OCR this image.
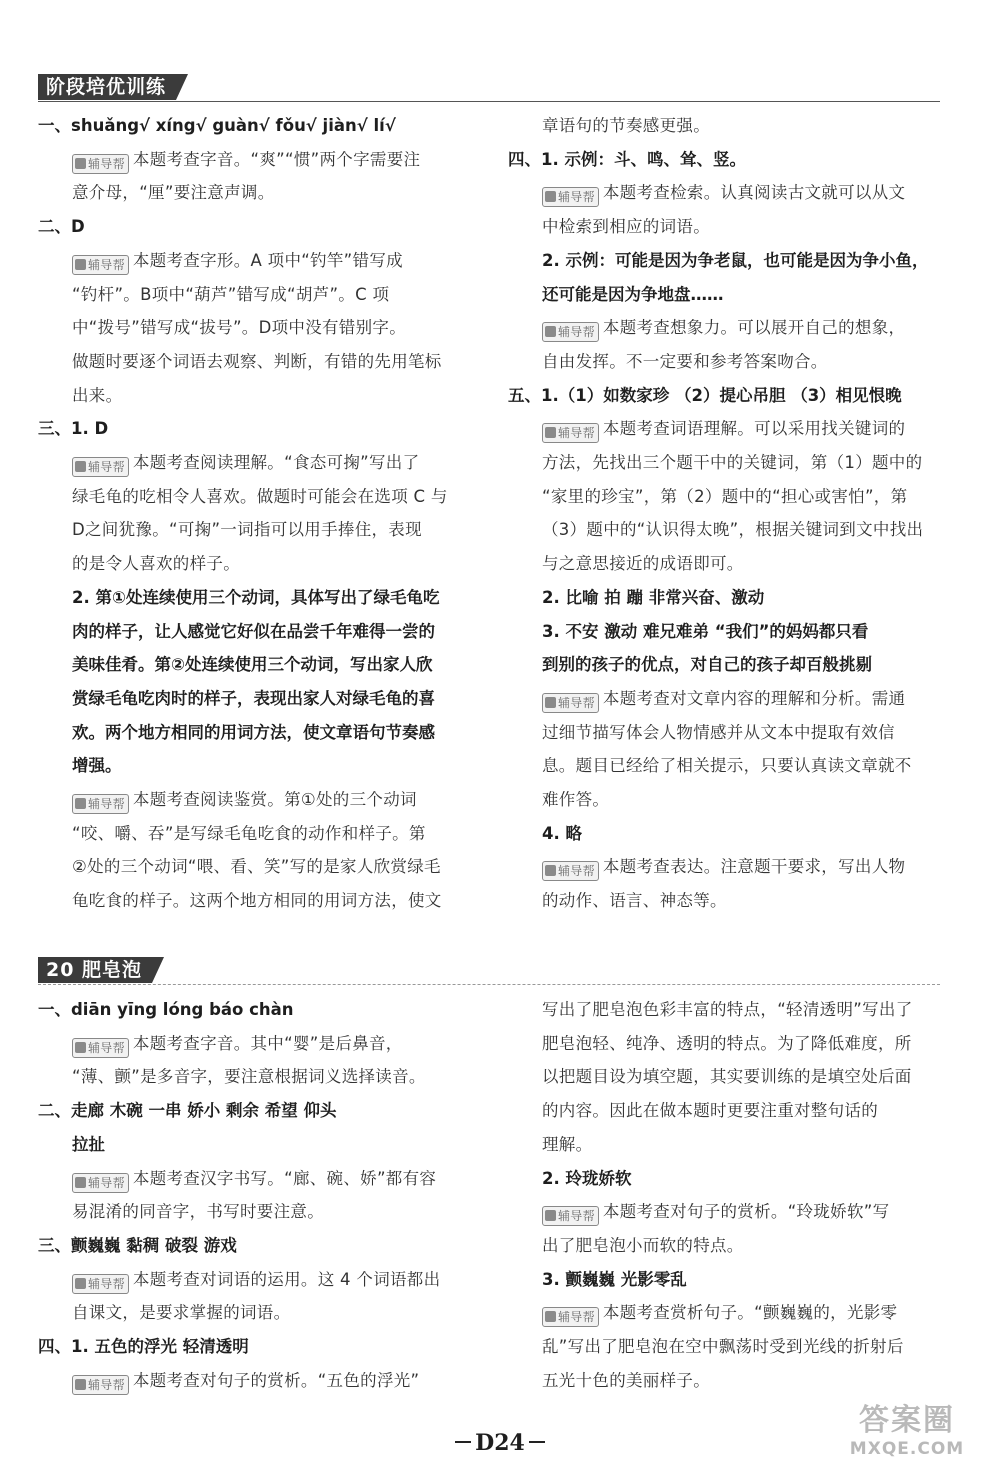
阶段培优训练
一、shuǎng√ xíng√ guàn√ fǒu√ jiàn√ lí√
辅导帮 本题考查字音。“爽”“惯”两个字需要注
意介母，“厘”要注意声调。
二、D
辅导帮 本题考查字形。A 项中“钓竿”错写成
“钓杆”。B项中“葫芦”错写成“胡芦”。C 项
中“拨号”错写成“拔号”。D项中没有错别字。
做题时要逐个词语去观察、判断，有错的先用笔标
出来。
三、1. D
辅导帮 本题考查阅读理解。“食态可掬”写出了
绿毛龟的吃相令人喜欢。做题时可能会在选项 C 与
D之间犹豫。“可掬”一词指可以用手捧住，表现
的是令人喜欢的样子。
2. 第①处连续使用三个动词，具体写出了绿毛龟吃
肉的样子，让人感觉它好似在品尝千年难得一尝的
美味佳肴。第②处连续使用三个动词，写出家人欣
赏绿毛龟吃肉时的样子，表现出家人对绿毛龟的喜
欢。两个地方相同的用词方法，使文章语句节奏感
增强。
辅导帮 本题考查阅读鉴赏。第①处的三个动词
“咬、嚼、吞”是写绿毛龟吃食的动作和样子。第
②处的三个动词“喂、看、笑”写的是家人欣赏绿毛
龟吃食的样子。这两个地方相同的用词方法，使文
章语句的节奏感更强。
四、1. 示例：斗、鸣、耸、竖。
辅导帮 本题考查检索。认真阅读古文就可以从文
中检索到相应的词语。
2. 示例：可能是因为争老鼠，也可能是因为争小鱼，
还可能是因为争地盘……
辅导帮 本题考查想象力。可以展开自己的想象，
自由发挥。不一定要和参考答案吻合。
五、1.（1）如数家珍 （2）提心吊胆 （3）相见恨晚
辅导帮 本题考查词语理解。可以采用找关键词的
方法，先找出三个题干中的关键词，第（1）题中的
“家里的珍宝”，第（2）题中的“担心或害怕”，第
（3）题中的“认识得太晚”，根据关键词到文中找出
与之意思接近的成语即可。
2. 比喻 拍 蹦 非常兴奋、激动
3. 不安 激动 难兄难弟 “我们”的妈妈都只看
到别的孩子的优点，对自己的孩子却百般挑剔
辅导帮 本题考查对文章内容的理解和分析。需通
过细节描写体会人物情感并从文本中提取有效信
息。题目已经给了相关提示，只要认真读文章就不
难作答。
4. 略
辅导帮 本题考查表达。注意题干要求，写出人物
的动作、语言、神态等。
20 肥皂泡
一、diān yīng lóng báo chàn
辅导帮 本题考查字音。其中“婴”是后鼻音，
“薄、颤”是多音字，要注意根据词义选择读音。
二、走廊 木碗 一串 娇小 剩余 希望 仰头
拉扯
辅导帮 本题考查汉字书写。“廊、碗、娇”都有容
易混淆的同音字，书写时要注意。
三、颤巍巍 黏稠 破裂 游戏
辅导帮 本题考查对词语的运用。这 4 个词语都出
自课文，是要求掌握的词语。
四、1. 五色的浮光 轻清透明
辅导帮 本题考查对句子的赏析。“五色的浮光”
写出了肥皂泡色彩丰富的特点，“轻清透明”写出了
肥皂泡轻、纯净、透明的特点。为了降低难度，所
以把题目设为填空题，其实要训练的是填空处后面
的内容。因此在做本题时更要注重对整句话的
理解。
2. 玲珑娇软
辅导帮 本题考查对句子的赏析。“玲珑娇软”写
出了肥皂泡小而软的特点。
3. 颤巍巍 光影零乱
辅导帮 本题考查赏析句子。“颤巍巍的，光影零
乱”写出了肥皂泡在空中飘荡时受到光线的折射后
五光十色的美丽样子。
D24
答案圈
MXQE.COM
